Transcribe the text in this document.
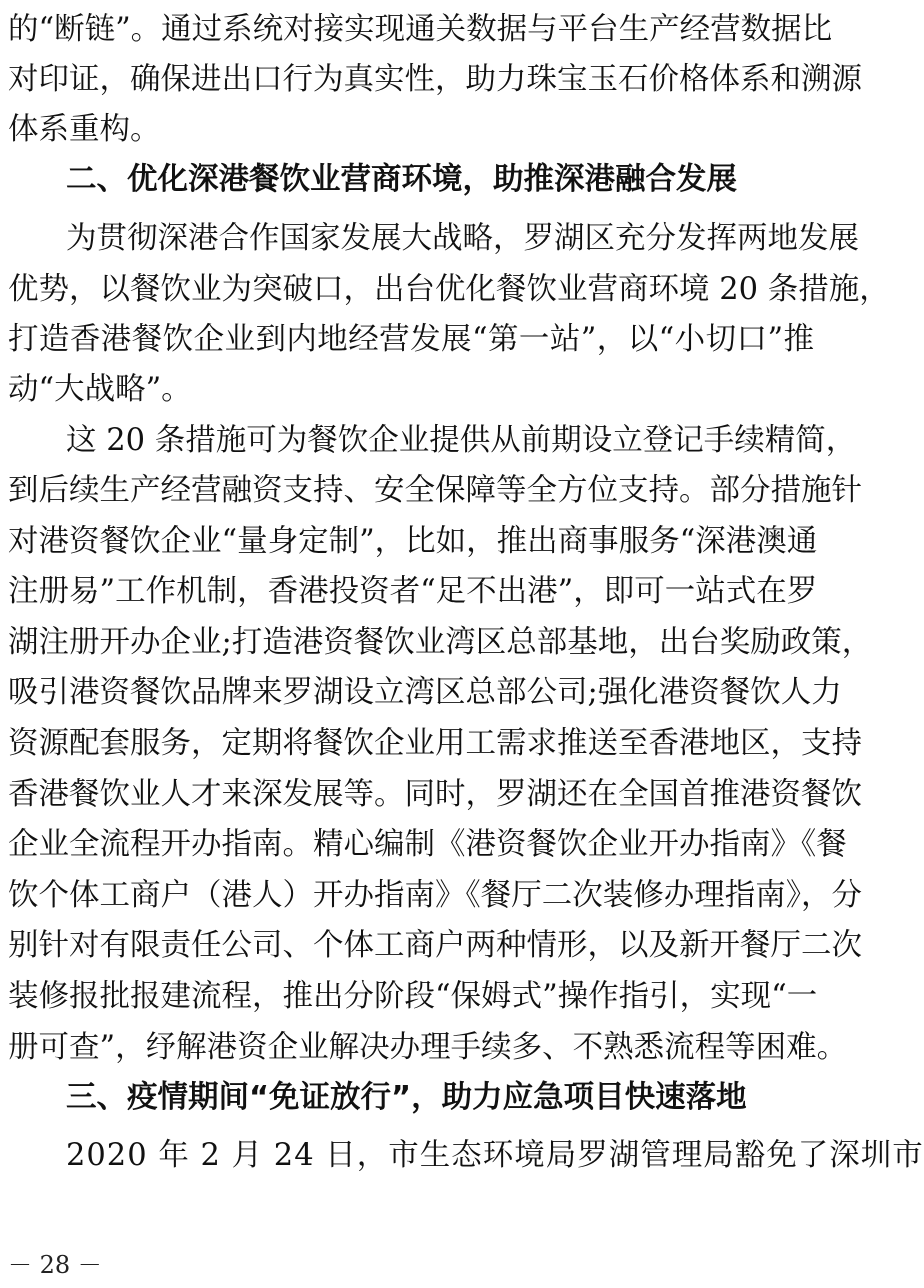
的“断链”。通过系统对接实现通关数据与平台生产经营数据比
对印证，确保进出口行为真实性，助力珠宝玉石价格体系和溯源
体系重构。
二、优化深港餐饮业营商环境，助推深港融合发展
为贯彻深港合作国家发展大战略，罗湖区充分发挥两地发展
优势，以餐饮业为突破口，出台优化餐饮业营商环境 20 条措施，
打造香港餐饮企业到内地经营发展“第一站”，以“小切口”推
动“大战略”。
这 20 条措施可为餐饮企业提供从前期设立登记手续精简，
到后续生产经营融资支持、安全保障等全方位支持。部分措施针
对港资餐饮企业“量身定制”，比如，推出商事服务“深港澳通
注册易”工作机制，香港投资者“足不出港”，即可一站式在罗
湖注册开办企业;打造港资餐饮业湾区总部基地，出台奖励政策，
吸引港资餐饮品牌来罗湖设立湾区总部公司;强化港资餐饮人力
资源配套服务，定期将餐饮企业用工需求推送至香港地区，支持
香港餐饮业人才来深发展等。同时，罗湖还在全国首推港资餐饮
企业全流程开办指南。精心编制《港资餐饮企业开办指南》《餐
饮个体工商户（港人）开办指南》《餐厅二次装修办理指南》，分
别针对有限责任公司、个体工商户两种情形，以及新开餐厅二次
装修报批报建流程，推出分阶段“保姆式”操作指引，实现“一
册可查”，纾解港资企业解决办理手续多、不熟悉流程等困难。
三、疫情期间“免证放行”，助力应急项目快速落地
2020 年 2 月 24 日，市生态环境局罗湖管理局豁免了深圳市
－ 28 －
